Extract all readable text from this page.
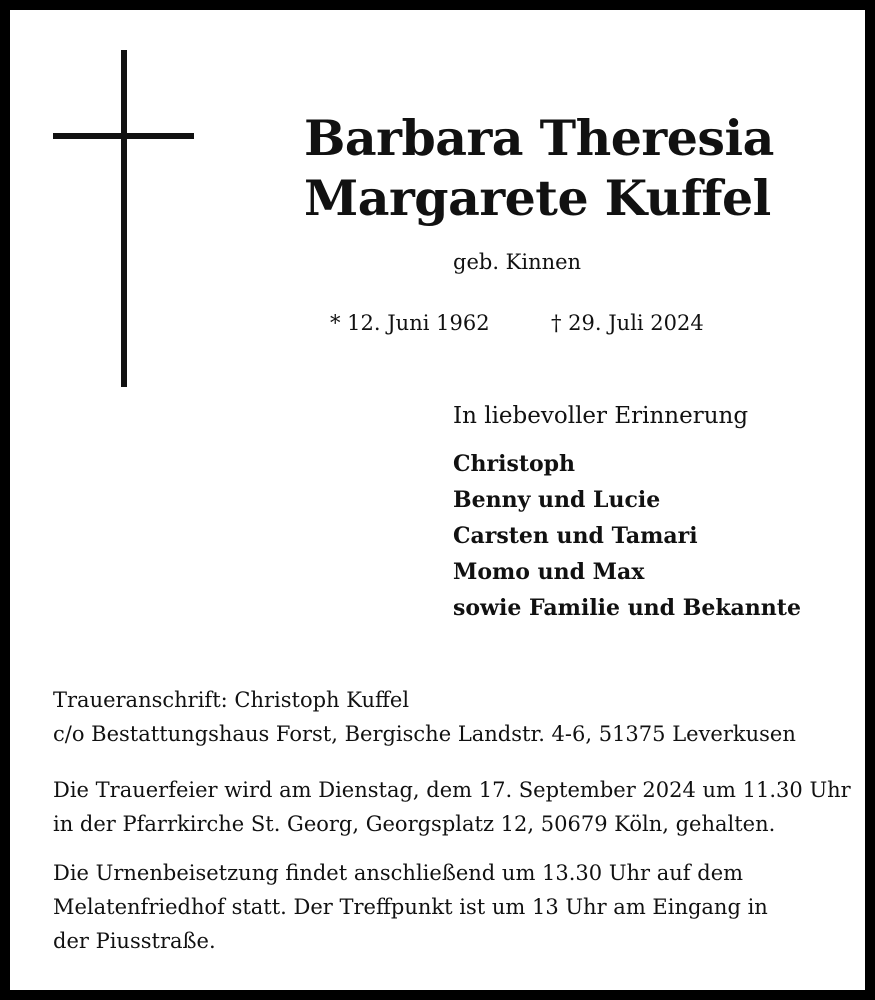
Barbara Theresia
Margarete Kuffel
geb. Kinnen
* 12. Juni 1962	† 29. Juli 2024
In liebevoller Erinnerung
Christoph
Benny und Lucie
Carsten und Tamari
Momo und Max
sowie Familie und Bekannte

Traueranschrift: Christoph Kuffel
c/o Bestattungshaus Forst, Bergische Landstr. 4-6, 51375 Leverkusen

Die Trauerfeier wird am Dienstag, dem 17. September 2024 um 11.30 Uhr
in der Pfarrkirche St. Georg, Georgsplatz 12, 50679 Köln, gehalten.

Die Urnenbeisetzung findet anschließend um 13.30 Uhr auf dem
Melatenfriedhof statt. Der Treffpunkt ist um 13 Uhr am Eingang in
der Piusstraße.
